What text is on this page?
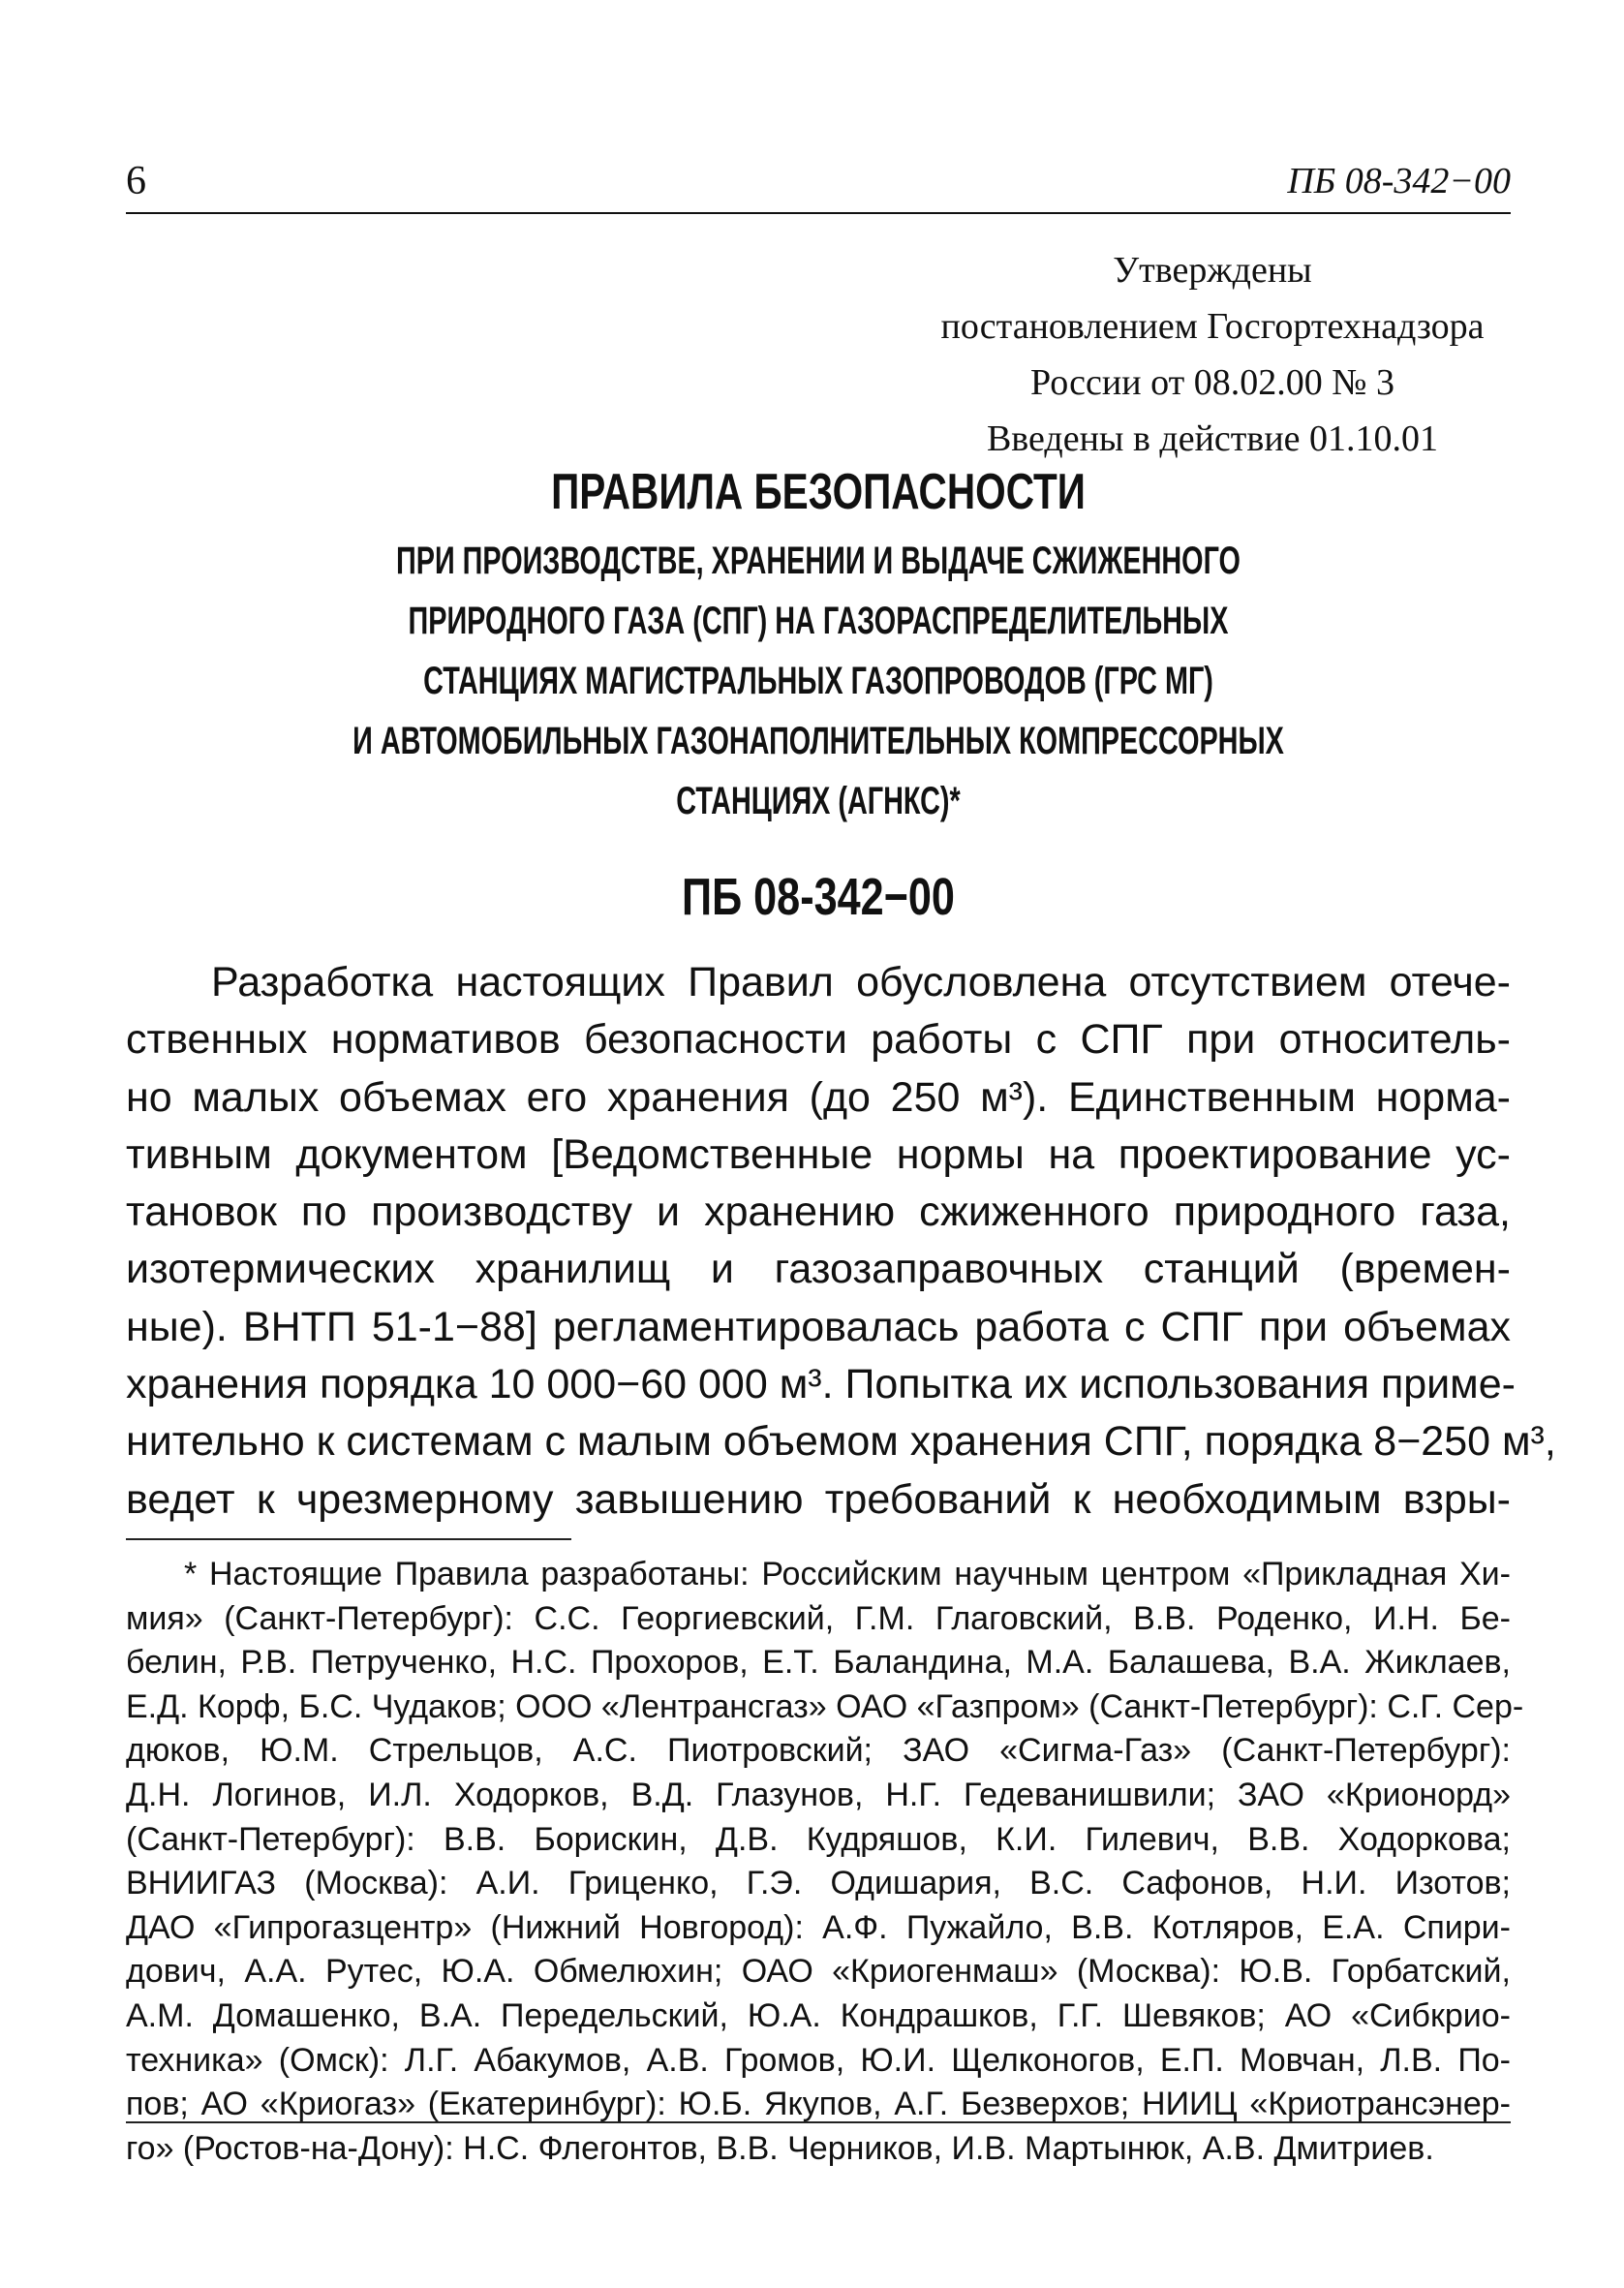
6	ПБ 08-342−00
Утверждены
постановлением Госгортехнадзора
России от 08.02.00 № 3
Введены в действие 01.10.01
ПРАВИЛА БЕЗОПАСНОСТИ
ПРИ ПРОИЗВОДСТВЕ, ХРАНЕНИИ И ВЫДАЧЕ СЖИЖЕННОГО
ПРИРОДНОГО ГАЗА (СПГ) НА ГАЗОРАСПРЕДЕЛИТЕЛЬНЫХ
СТАНЦИЯХ МАГИСТРАЛЬНЫХ ГАЗОПРОВОДОВ (ГРС МГ)
И АВТОМОБИЛЬНЫХ ГАЗОНАПОЛНИТЕЛЬНЫХ КОМПРЕССОРНЫХ
СТАНЦИЯХ (АГНКС)*
ПБ 08-342−00
Разработка настоящих Правил обусловлена отсутствием отече-
ственных нормативов безопасности работы с СПГ при относитель-
но малых объемах его хранения (до 250 м³). Единственным норма-
тивным документом [Ведомственные нормы на проектирование ус-
тановок по производству и хранению сжиженного природного газа,
изотермических хранилищ и газозаправочных станций (времен-
ные). ВНТП 51-1−88] регламентировалась работа с СПГ при объемах
хранения порядка 10 000−60 000 м³. Попытка их использования приме-
нительно к системам с малым объемом хранения СПГ, порядка 8−250 м³,
ведет к чрезмерному завышению требований к необходимым взры-
* Настоящие Правила разработаны: Российским научным центром «Прикладная Хи-
мия» (Санкт-Петербург): С.С. Георгиевский, Г.М. Глаговский, В.В. Роденко, И.Н. Бе-
белин, Р.В. Петрученко, Н.С. Прохоров, Е.Т. Баландина, М.А. Балашева, В.А. Жиклаев,
Е.Д. Корф, Б.С. Чудаков; ООО «Лентрансгаз» ОАО «Газпром» (Санкт-Петербург): С.Г. Сер-
дюков, Ю.М. Стрельцов, А.С. Пиотровский; ЗАО «Сигма-Газ» (Санкт-Петербург):
Д.Н. Логинов, И.Л. Ходорков, В.Д. Глазунов, Н.Г. Гедеванишвили; ЗАО «Крионорд»
(Санкт-Петербург): В.В. Борискин, Д.В. Кудряшов, К.И. Гилевич, В.В. Ходоркова;
ВНИИГАЗ (Москва): А.И. Гриценко, Г.Э. Одишария, В.С. Сафонов, Н.И. Изотов;
ДАО «Гипрогазцентр» (Нижний Новгород): А.Ф. Пужайло, В.В. Котляров, Е.А. Спири-
дович, А.А. Рутес, Ю.А. Обмелюхин; ОАО «Криогенмаш» (Москва): Ю.В. Горбатский,
А.М. Домашенко, В.А. Передельский, Ю.А. Кондрашков, Г.Г. Шевяков; АО «Сибкрио-
техника» (Омск): Л.Г. Абакумов, А.В. Громов, Ю.И. Щелконогов, Е.П. Мовчан, Л.В. По-
пов; АО «Криогаз» (Екатеринбург): Ю.Б. Якупов, А.Г. Безверхов; НИИЦ «Криотрансэнер-
го» (Ростов-на-Дону): Н.С. Флегонтов, В.В. Черников, И.В. Мартынюк, А.В. Дмитриев.
